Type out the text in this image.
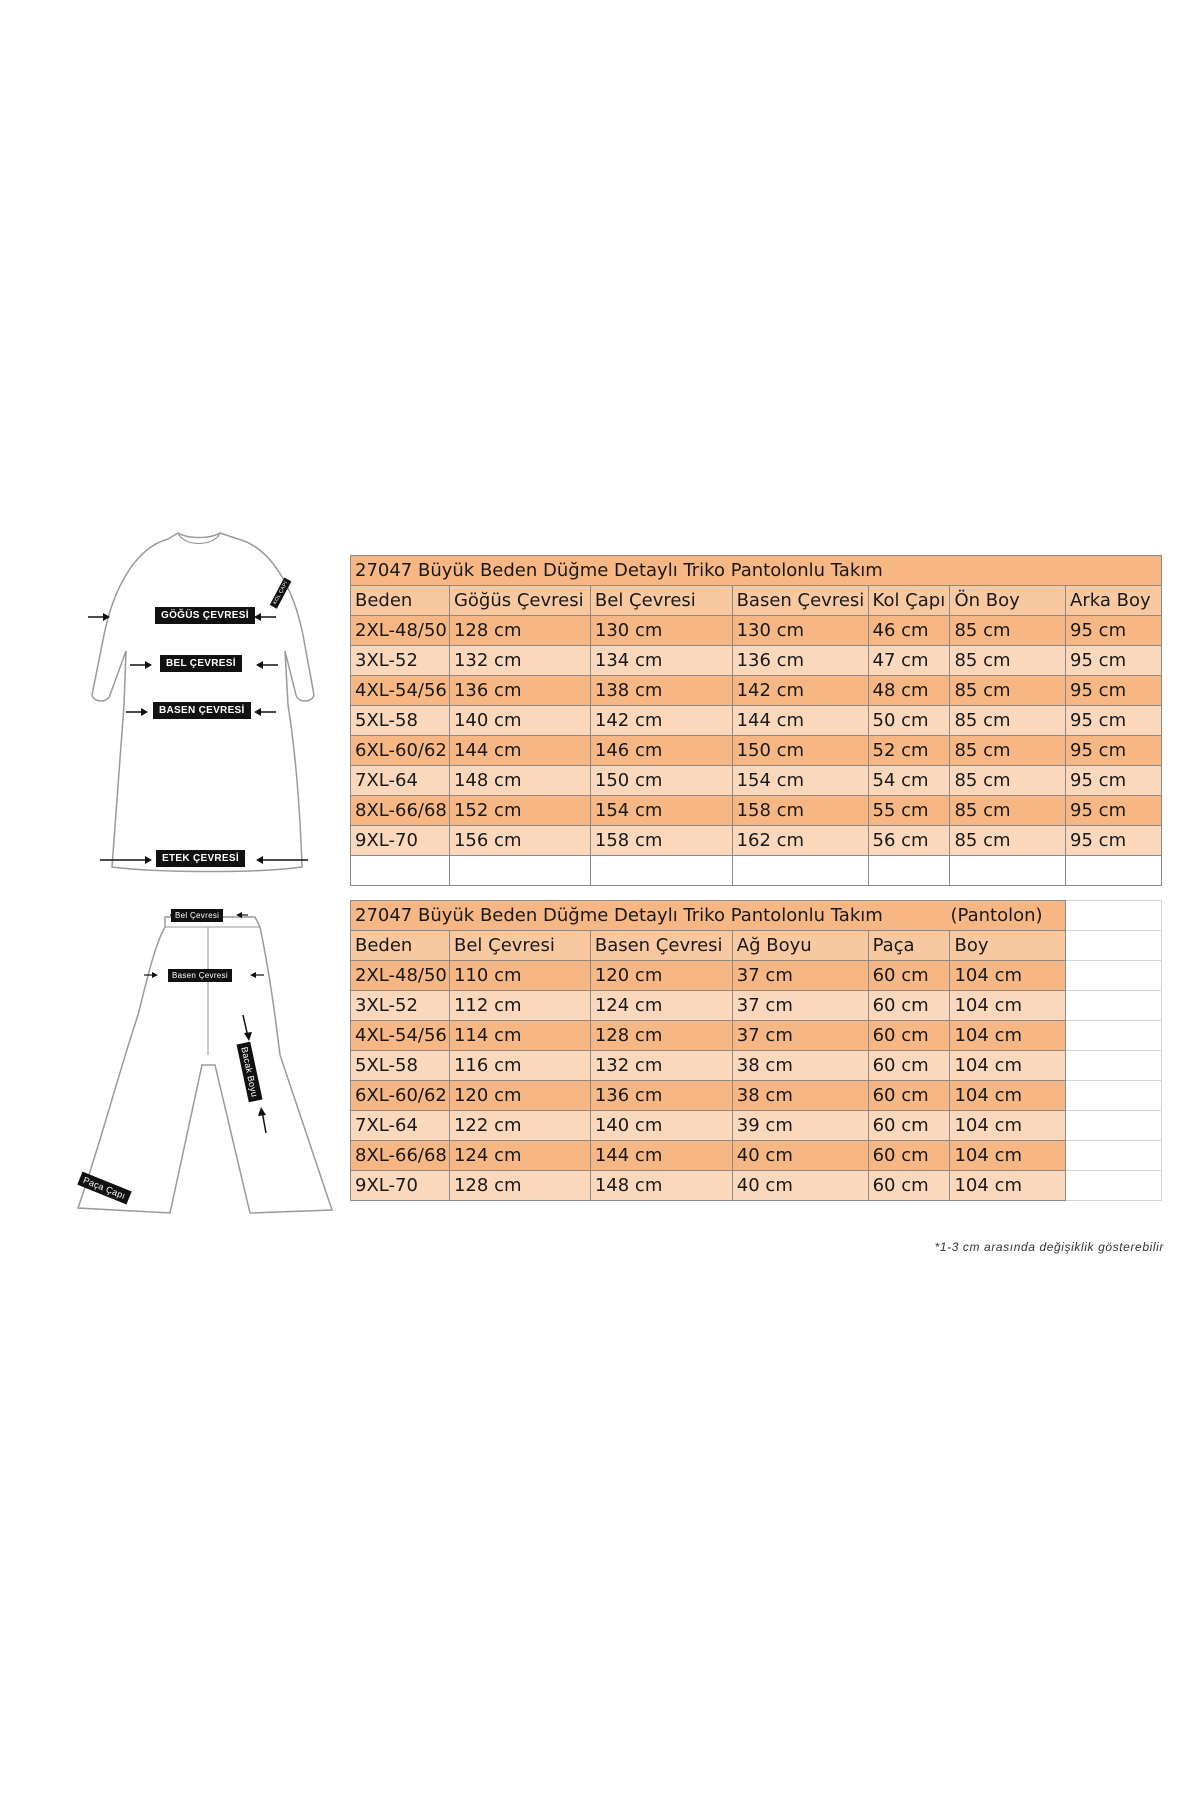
GÖĞÜS ÇEVRESİ
BEL ÇEVRESİ
BASEN ÇEVRESİ
ETEK ÇEVRESİ
KOL ÇAPI
Bel Çevresi
Basen Çevresi
Bacak Boyu
Paça Çapı
27047 Büyük Beden Düğme Detaylı Triko Pantolonlu Takım						
Beden	Göğüs Çevresi	Bel Çevresi	Basen Çevresi	Kol Çapı	Ön Boy	Arka Boy
2XL-48/50	128 cm	130 cm	130 cm	46 cm	85 cm	95 cm
3XL-52	132 cm	134 cm	136 cm	47 cm	85 cm	95 cm
4XL-54/56	136 cm	138 cm	142 cm	48 cm	85 cm	95 cm
5XL-58	140 cm	142 cm	144 cm	50 cm	85 cm	95 cm
6XL-60/62	144 cm	146 cm	150 cm	52 cm	85 cm	95 cm
7XL-64	148 cm	150 cm	154 cm	54 cm	85 cm	95 cm
8XL-66/68	152 cm	154 cm	158 cm	55 cm	85 cm	95 cm
9XL-70	156 cm	158 cm	162 cm	56 cm	85 cm	95 cm

27047 Büyük Beden Düğme Detaylı Triko Pantolonlu Takım (Pantolon)						

Beden	Bel Çevresi	Basen Çevresi	Ağ Boyu	Paça	Boy	
2XL-48/50	110 cm	120 cm	37 cm	60 cm	104 cm	
3XL-52	112 cm	124 cm	37 cm	60 cm	104 cm	
4XL-54/56	114 cm	128 cm	37 cm	60 cm	104 cm	
5XL-58	116 cm	132 cm	38 cm	60 cm	104 cm	
6XL-60/62	120 cm	136 cm	38 cm	60 cm	104 cm	
7XL-64	122 cm	140 cm	39 cm	60 cm	104 cm	
8XL-66/68	124 cm	144 cm	40 cm	60 cm	104 cm	
9XL-70	128 cm	148 cm	40 cm	60 cm	104 cm	
*1-3 cm arasında değişiklik gösterebilir
